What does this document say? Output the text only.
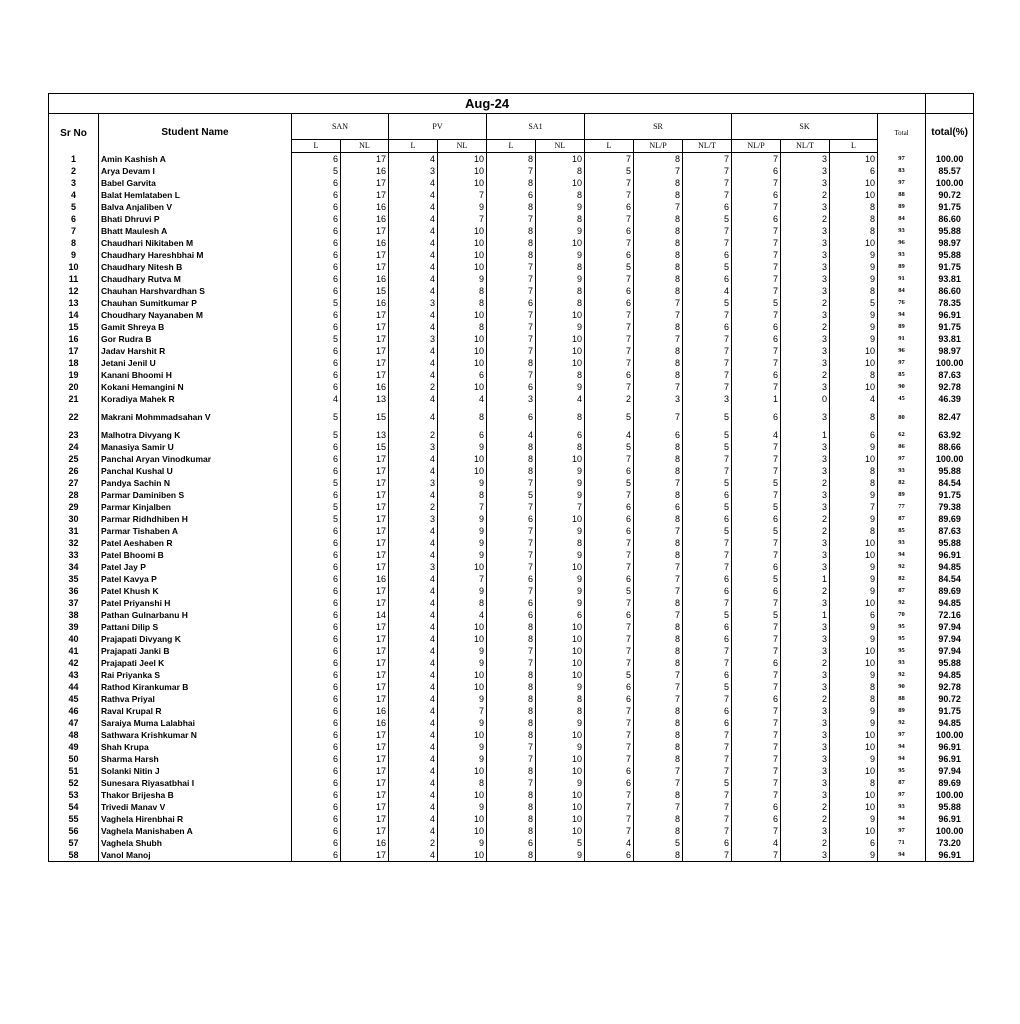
Aug-24															
Sr No	Student Name	SAN		PV		SA1		SR			SK			Total	total(%)
		L	NL	L	NL	L	NL	L	NL/P	NL/T	NL/P	NL/T	L		
1	Amin Kashish A	6	17	4	10	8	10	7	8	7	7	3	10	97	100.00
2	Arya Devam I	5	16	3	10	7	8	5	7	7	6	3	6	83	85.57
3	Babel Garvita	6	17	4	10	8	10	7	8	7	7	3	10	97	100.00
4	Balat Hemlataben L	6	17	4	7	6	8	7	8	7	6	2	10	88	90.72
5	Balva Anjaliben V	6	16	4	9	8	9	6	7	6	7	3	8	89	91.75
6	Bhati Dhruvi P	6	16	4	7	7	8	7	8	5	6	2	8	84	86.60
7	Bhatt Maulesh A	6	17	4	10	8	9	6	8	7	7	3	8	93	95.88
8	Chaudhari Nikitaben M	6	16	4	10	8	10	7	8	7	7	3	10	96	98.97
9	Chaudhary Hareshbhai M	6	17	4	10	8	9	6	8	6	7	3	9	93	95.88
10	Chaudhary Nitesh B	6	17	4	10	7	8	5	8	5	7	3	9	89	91.75
11	Chaudhary Rutva M	6	16	4	9	7	9	7	8	6	7	3	9	91	93.81
12	Chauhan Harshvardhan S	6	15	4	8	7	8	6	8	4	7	3	8	84	86.60
13	Chauhan Sumitkumar P	5	16	3	8	6	8	6	7	5	5	2	5	76	78.35
14	Choudhary Nayanaben M	6	17	4	10	7	10	7	7	7	7	3	9	94	96.91
15	Gamit Shreya B	6	17	4	8	7	9	7	8	6	6	2	9	89	91.75
16	Gor Rudra B	5	17	3	10	7	10	7	7	7	6	3	9	91	93.81
17	Jadav Harshit R	6	17	4	10	7	10	7	8	7	7	3	10	96	98.97
18	Jetani Jenil U	6	17	4	10	8	10	7	8	7	7	3	10	97	100.00
19	Kanani Bhoomi H	6	17	4	6	7	8	6	8	7	6	2	8	85	87.63
20	Kokani Hemangini N	6	16	2	10	6	9	7	7	7	7	3	10	90	92.78
21	Koradiya Mahek R	4	13	4	4	3	4	2	3	3	1	0	4	45	46.39
22	Makrani Mohmmadsahan V	5	15	4	8	6	8	5	7	5	6	3	8	80	82.47
23	Malhotra Divyang K	5	13	2	6	4	6	4	6	5	4	1	6	62	63.92
24	Manasiya Samir U	6	15	3	9	8	8	5	8	5	7	3	9	86	88.66
25	Panchal Aryan Vinodkumar	6	17	4	10	8	10	7	8	7	7	3	10	97	100.00
26	Panchal Kushal U	6	17	4	10	8	9	6	8	7	7	3	8	93	95.88
27	Pandya Sachin N	5	17	3	9	7	9	5	7	5	5	2	8	82	84.54
28	Parmar Daminiben S	6	17	4	8	5	9	7	8	6	7	3	9	89	91.75
29	Parmar Kinjalben	5	17	2	7	7	7	6	6	5	5	3	7	77	79.38
30	Parmar Ridhdhiben H	5	17	3	9	6	10	6	8	6	6	2	9	87	89.69
31	Parmar Tishaben A	6	17	4	9	7	9	6	7	5	5	2	8	85	87.63
32	Patel Aeshaben R	6	17	4	9	7	8	7	8	7	7	3	10	93	95.88
33	Patel Bhoomi B	6	17	4	9	7	9	7	8	7	7	3	10	94	96.91
34	Patel Jay P	6	17	3	10	7	10	7	7	7	6	3	9	92	94.85
35	Patel Kavya P	6	16	4	7	6	9	6	7	6	5	1	9	82	84.54
36	Patel Khush K	6	17	4	9	7	9	5	7	6	6	2	9	87	89.69
37	Patel Priyanshi H	6	17	4	8	6	9	7	8	7	7	3	10	92	94.85
38	Pathan Gulnarbanu H	6	14	4	4	6	6	6	7	5	5	1	6	70	72.16
39	Pattani Dilip S	6	17	4	10	8	10	7	8	6	7	3	9	95	97.94
40	Prajapati Divyang K	6	17	4	10	8	10	7	8	6	7	3	9	95	97.94
41	Prajapati Janki B	6	17	4	9	7	10	7	8	7	7	3	10	95	97.94
42	Prajapati Jeel K	6	17	4	9	7	10	7	8	7	6	2	10	93	95.88
43	Rai Priyanka S	6	17	4	10	8	10	5	7	6	7	3	9	92	94.85
44	Rathod Kirankumar B	6	17	4	10	8	9	6	7	5	7	3	8	90	92.78
45	Rathva Priyal	6	17	4	9	8	8	6	7	7	6	2	8	88	90.72
46	Raval Krupal R	6	16	4	7	8	8	7	8	6	7	3	9	89	91.75
47	Saraiya Muma Lalabhai	6	16	4	9	8	9	7	8	6	7	3	9	92	94.85
48	Sathwara Krishkumar N	6	17	4	10	8	10	7	8	7	7	3	10	97	100.00
49	Shah Krupa	6	17	4	9	7	9	7	8	7	7	3	10	94	96.91
50	Sharma Harsh	6	17	4	9	7	10	7	8	7	7	3	9	94	96.91
51	Solanki Nitin J	6	17	4	10	8	10	6	7	7	7	3	10	95	97.94
52	Sunesara Riyasatbhai I	6	17	4	8	7	9	6	7	5	7	3	8	87	89.69
53	Thakor Brijesha B	6	17	4	10	8	10	7	8	7	7	3	10	97	100.00
54	Trivedi Manav V	6	17	4	9	8	10	7	7	7	6	2	10	93	95.88
55	Vaghela Hirenbhai R	6	17	4	10	8	10	7	8	7	6	2	9	94	96.91
56	Vaghela Manishaben A	6	17	4	10	8	10	7	8	7	7	3	10	97	100.00
57	Vaghela Shubh	6	16	2	9	6	5	4	5	6	4	2	6	71	73.20
58	Vanol Manoj	6	17	4	10	8	9	6	8	7	7	3	9	94	96.91
